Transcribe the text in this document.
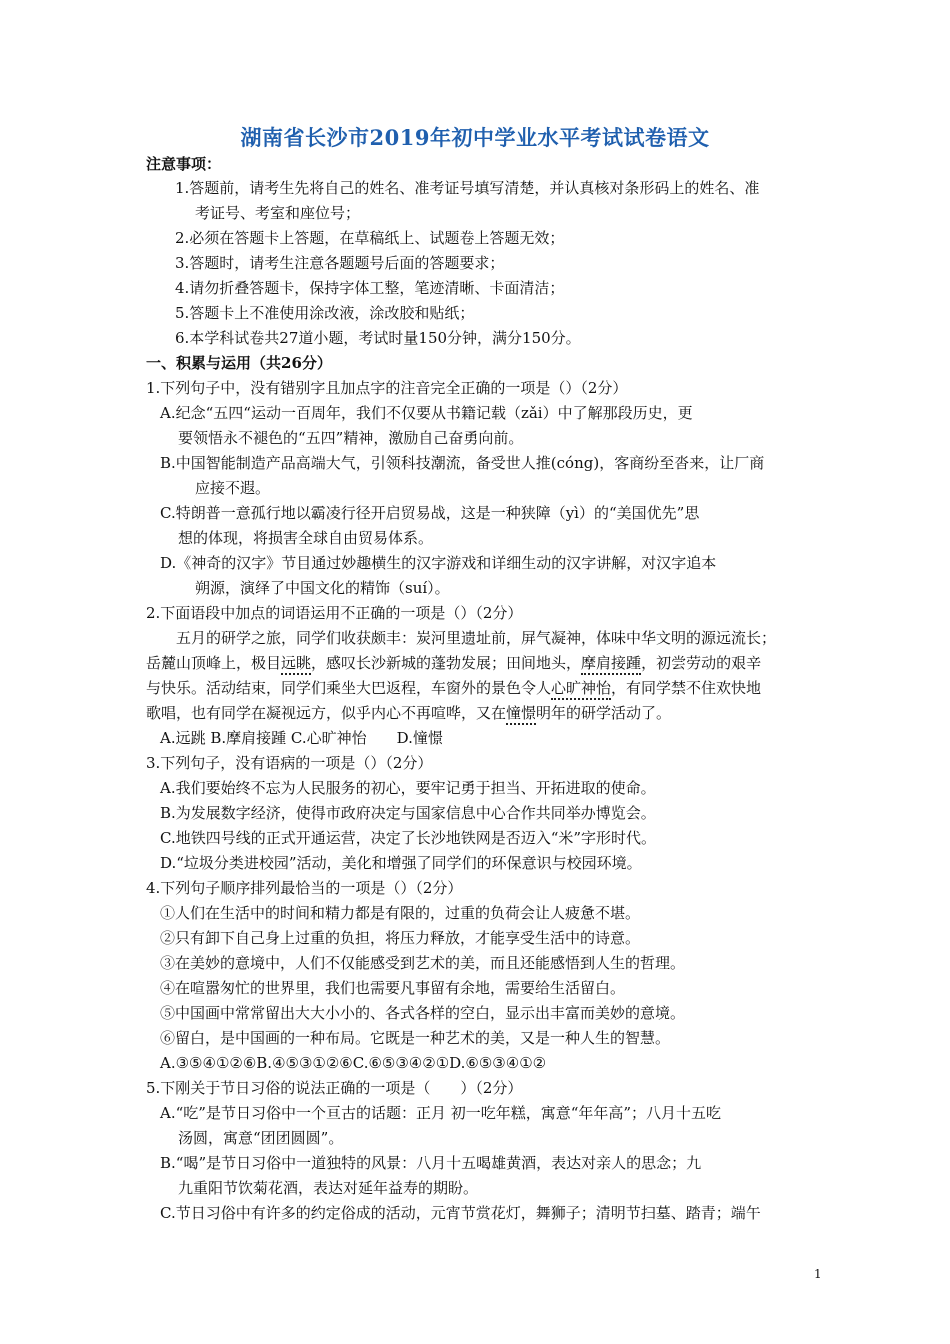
湖南省长沙市2019年初中学业水平考试试卷语文
注意事项：
1.答题前，请考生先将自己的姓名、准考证号填写清楚，并认真核对条形码上的姓名、准
考证号、考室和座位号；
2.必须在答题卡上答题，在草稿纸上、试题卷上答题无效；
3.答题时，请考生注意各题题号后面的答题要求；
4.请勿折叠答题卡，保持字体工整，笔迹清晰、卡面清洁；
5.答题卡上不准使用涂改液，涂改胶和贴纸；
6.本学科试卷共27道小题，考试时量150分钟，满分150分。
一、积累与运用（共26分）
1.下列句子中，没有错别字且加点字的注音完全正确的一项是（）（2分）
A.纪念“五四“运动一百周年，我们不仅要从书籍记载（zǎi）中了解那段历史，更
要领悟永不褪色的“五四”精神，激励自己奋勇向前。
B.中国智能制造产品高端大气，引领科技潮流，备受世人推(cóng)，客商纷至沓来，让厂商
应接不遐。
C.特朗普一意孤行地以霸凌行径开启贸易战，这是一种狭障（yì）的“美国优先”思
想的体现，将损害全球自由贸易体系。
D.《神奇的汉字》节目通过妙趣横生的汉字游戏和详细生动的汉字讲解，对汉字追本
朔源，演绎了中国文化的精饰（suí）。
2.下面语段中加点的词语运用不正确的一项是（）（2分）
五月的研学之旅，同学们收获颇丰：炭河里遗址前，屏气凝神，体味中华文明的源远流长；
岳麓山顶峰上，极目远眺，感叹长沙新城的蓬勃发展；田间地头，摩肩接踵，初尝劳动的艰辛
与快乐。活动结束，同学们乘坐大巴返程，车窗外的景色令人心旷神怡，有同学禁不住欢快地
歌唱，也有同学在凝视远方，似乎内心不再喧哗，又在憧憬明年的研学活动了。
A.远跳 B.摩肩接踵 C.心旷神怡　　D.憧憬
3.下列句子，没有语病的一项是（）（2分）
A.我们要始终不忘为人民服务的初心，要牢记勇于担当、开拓进取的使命。
B.为发展数字经济，使得市政府决定与国家信息中心合作共同举办博览会。
C.地铁四号线的正式开通运营，决定了长沙地铁网是否迈入“米”字形时代。
D.“垃圾分类进校园”活动，美化和增强了同学们的环保意识与校园环境。
4.下列句子顺序排列最恰当的一项是（）（2分）
①人们在生活中的时间和精力都是有限的，过重的负荷会让人疲惫不堪。
②只有卸下自己身上过重的负担，将压力释放，才能享受生活中的诗意。
③在美妙的意境中，人们不仅能感受到艺术的美，而且还能感悟到人生的哲理。
④在喧嚣匆忙的世界里，我们也需要凡事留有余地，需要给生活留白。
⑤中国画中常常留出大大小小的、各式各样的空白，显示出丰富而美妙的意境。
⑥留白，是中国画的一种布局。它既是一种艺术的美，又是一种人生的智慧。
A.③⑤④①②⑥B.④⑤③①②⑥C.⑥⑤③④②①D.⑥⑤③④①②
5.下刚关于节日习俗的说法正确的一项是（　　）（2分）
A.“吃”是节日习俗中一个亘古的话题：正月 初一吃年糕，寓意“年年高”；八月十五吃
汤圆，寓意“团团圆圆”。
B.“喝”是节日习俗中一道独特的风景：八月十五喝雄黄酒，表达对亲人的思念；九
九重阳节饮菊花酒，表达对延年益寿的期盼。
C.节日习俗中有许多的约定俗成的活动，元宵节赏花灯，舞狮子；清明节扫墓、踏青；端午
1
